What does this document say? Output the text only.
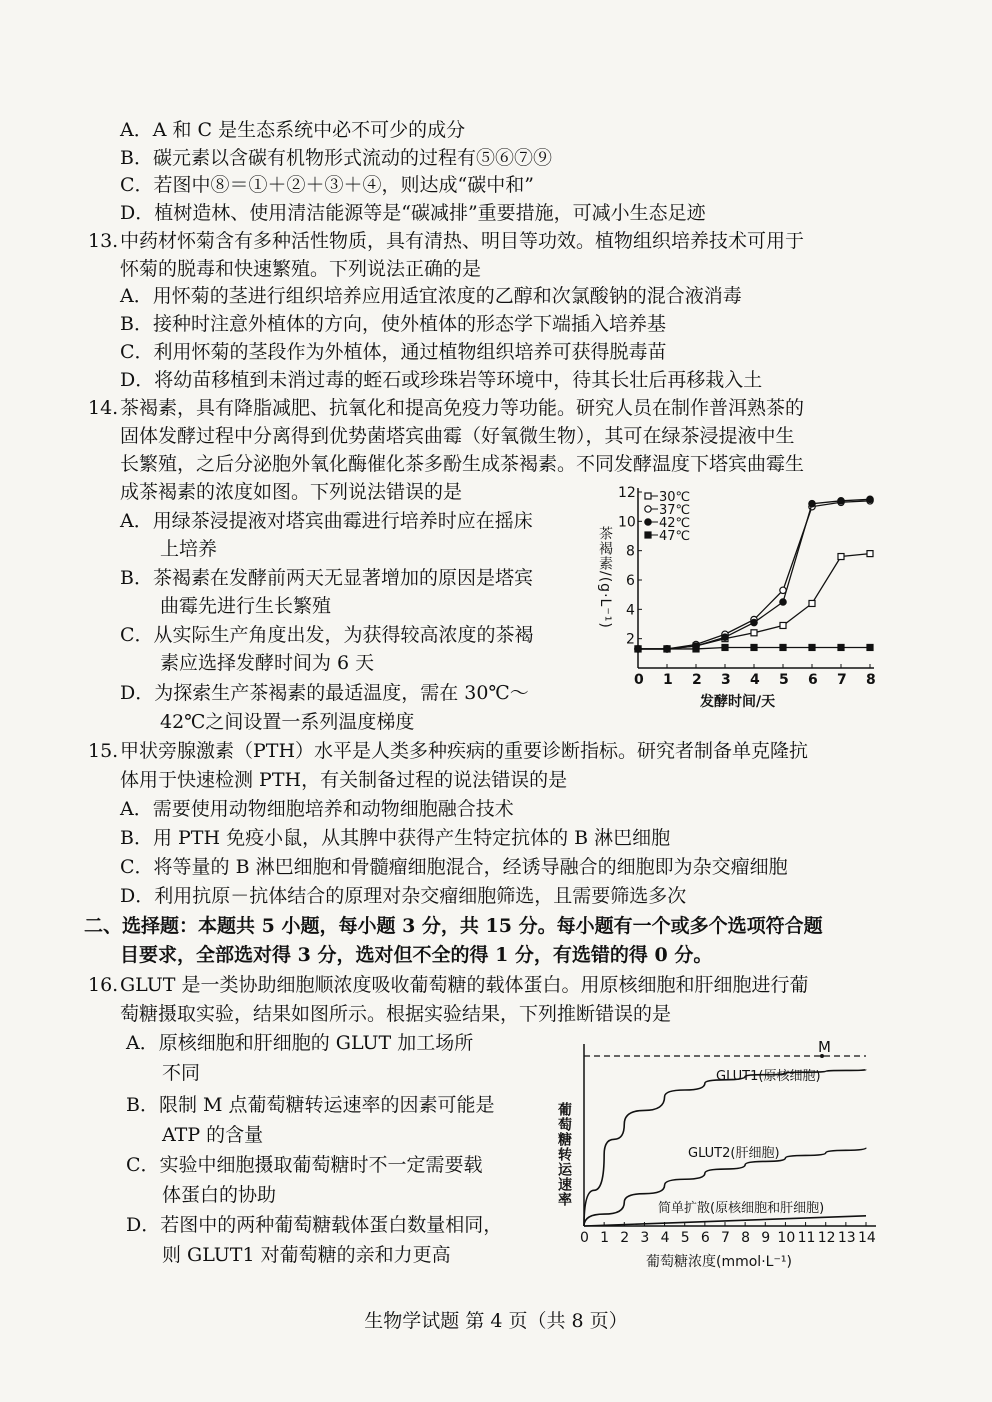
A．A 和 C 是生态系统中必不可少的成分
B．碳元素以含碳有机物形式流动的过程有⑤⑥⑦⑨
C．若图中⑧＝①＋②＋③＋④，则达成“碳中和”
D．植树造林、使用清洁能源等是“碳减排”重要措施，可减小生态足迹
13. 中药材怀菊含有多种活性物质，具有清热、明目等功效。植物组织培养技术可用于
怀菊的脱毒和快速繁殖。下列说法正确的是
A．用怀菊的茎进行组织培养应用适宜浓度的乙醇和次氯酸钠的混合液消毒
B．接种时注意外植体的方向，使外植体的形态学下端插入培养基
C．利用怀菊的茎段作为外植体，通过植物组织培养可获得脱毒苗
D．将幼苗移植到未消过毒的蛭石或珍珠岩等环境中，待其长壮后再移栽入土
14. 茶褐素，具有降脂减肥、抗氧化和提高免疫力等功能。研究人员在制作普洱熟茶的
固体发酵过程中分离得到优势菌塔宾曲霉（好氧微生物），其可在绿茶浸提液中生
长繁殖，之后分泌胞外氧化酶催化茶多酚生成茶褐素。不同发酵温度下塔宾曲霉生
成茶褐素的浓度如图。下列说法错误的是
A．用绿茶浸提液对塔宾曲霉进行培养时应在摇床
上培养
B．茶褐素在发酵前两天无显著增加的原因是塔宾
曲霉先进行生长繁殖
C．从实际生产角度出发，为获得较高浓度的茶褐
素应选择发酵时间为 6 天
D．为探索生产茶褐素的最适温度，需在 30℃～
42℃之间设置一系列温度梯度
0 1 2 3 4 5 6 7 8
2
4
6
8
10
12 30℃
37℃
42℃
47℃
茶褐素/(g·L⁻¹)
发酵时间/天
15. 甲状旁腺激素（PTH）水平是人类多种疾病的重要诊断指标。研究者制备单克隆抗
体用于快速检测 PTH，有关制备过程的说法错误的是
A．需要使用动物细胞培养和动物细胞融合技术
B．用 PTH 免疫小鼠，从其脾中获得产生特定抗体的 B 淋巴细胞
C．将等量的 B 淋巴细胞和骨髓瘤细胞混合，经诱导融合的细胞即为杂交瘤细胞
D．利用抗原－抗体结合的原理对杂交瘤细胞筛选，且需要筛选多次
二、选择题：本题共 5 小题，每小题 3 分，共 15 分。每小题有一个或多个选项符合题
目要求，全部选对得 3 分，选对但不全的得 1 分，有选错的得 0 分。
16. GLUT 是一类协助细胞顺浓度吸收葡萄糖的载体蛋白。用原核细胞和肝细胞进行葡
萄糖摄取实验，结果如图所示。根据实验结果，下列推断错误的是
A．原核细胞和肝细胞的 GLUT 加工场所
不同
B．限制 M 点葡萄糖转运速率的因素可能是
ATP 的含量
C．实验中细胞摄取葡萄糖时不一定需要载
体蛋白的协助
D．若图中的两种葡萄糖载体蛋白数量相同，
则 GLUT1 对葡萄糖的亲和力更高
0 1 2 3 4 5 6 7 8 9 10 11 12 13 14
葡萄糖转运速率
葡萄糖浓度(mmol·L⁻¹)
M
GLUT1(原核细胞)
GLUT2(肝细胞)
简单扩散(原核细胞和肝细胞)
生物学试题 第 4 页（共 8 页）
